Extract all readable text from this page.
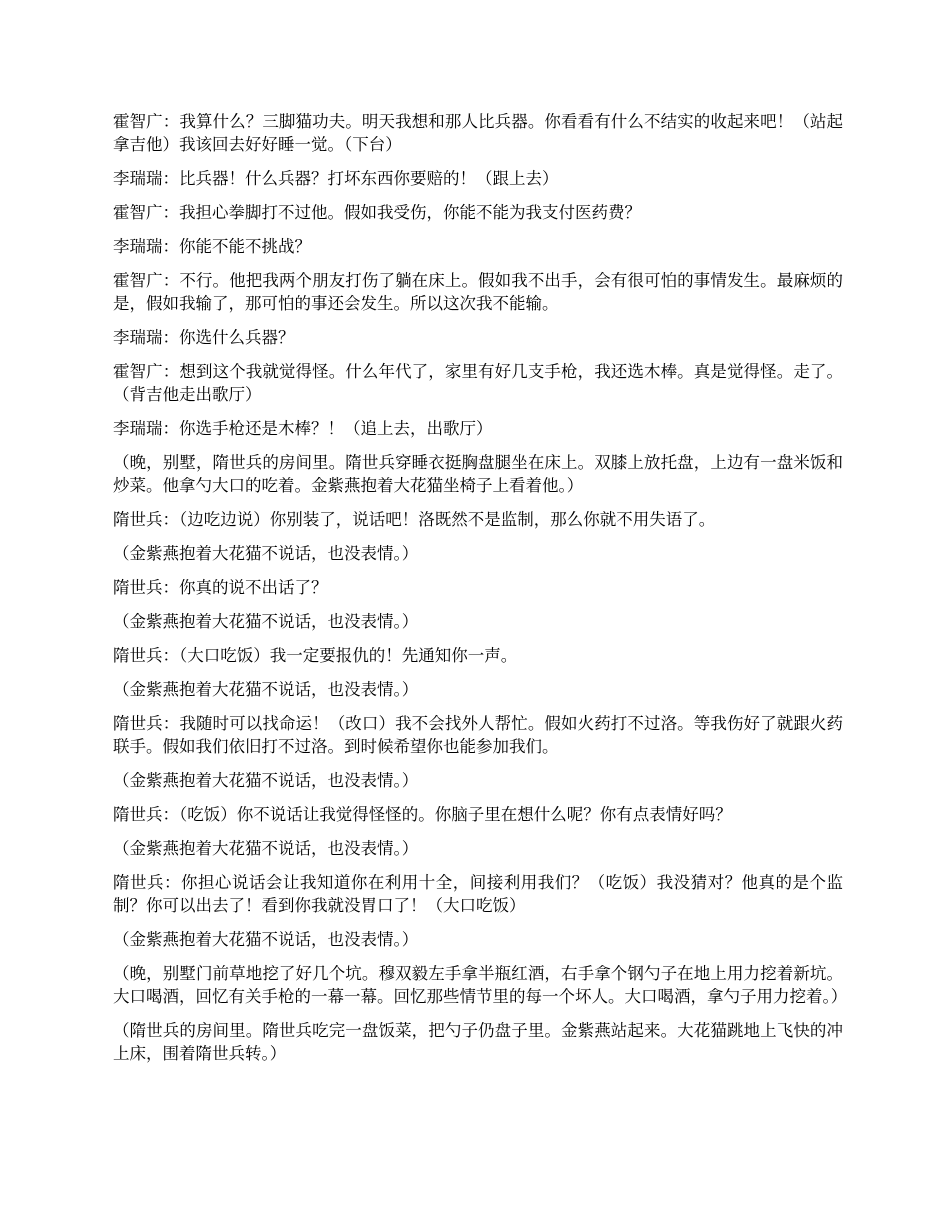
霍智广：我算什么？三脚猫功夫。明天我想和那人比兵器。你看看有什么不结实的收起来吧！（站起拿吉他）我该回去好好睡一觉。（下台）

李瑞瑞：比兵器！什么兵器？打坏东西你要赔的！（跟上去）

霍智广：我担心拳脚打不过他。假如我受伤，你能不能为我支付医药费？

李瑞瑞：你能不能不挑战？

霍智广：不行。他把我两个朋友打伤了躺在床上。假如我不出手，会有很可怕的事情发生。最麻烦的是，假如我输了，那可怕的事还会发生。所以这次我不能输。

李瑞瑞：你选什么兵器？

霍智广：想到这个我就觉得怪。什么年代了，家里有好几支手枪，我还选木棒。真是觉得怪。走了。（背吉他走出歌厅）

李瑞瑞：你选手枪还是木棒？！（追上去，出歌厅）

（晚，别墅，隋世兵的房间里。隋世兵穿睡衣挺胸盘腿坐在床上。双膝上放托盘，上边有一盘米饭和炒菜。他拿勺大口的吃着。金紫燕抱着大花猫坐椅子上看着他。）

隋世兵：（边吃边说）你别装了，说话吧！洛既然不是监制，那么你就不用失语了。

（金紫燕抱着大花猫不说话，也没表情。）

隋世兵：你真的说不出话了？

（金紫燕抱着大花猫不说话，也没表情。）

隋世兵：（大口吃饭）我一定要报仇的！先通知你一声。

（金紫燕抱着大花猫不说话，也没表情。）

隋世兵：我随时可以找命运！（改口）我不会找外人帮忙。假如火药打不过洛。等我伤好了就跟火药联手。假如我们依旧打不过洛。到时候希望你也能参加我们。

（金紫燕抱着大花猫不说话，也没表情。）

隋世兵：（吃饭）你不说话让我觉得怪怪的。你脑子里在想什么呢？你有点表情好吗？

（金紫燕抱着大花猫不说话，也没表情。）

隋世兵：你担心说话会让我知道你在利用十全，间接利用我们？（吃饭）我没猜对？他真的是个监制？你可以出去了！看到你我就没胃口了！（大口吃饭）

（金紫燕抱着大花猫不说话，也没表情。）

（晚，别墅门前草地挖了好几个坑。穆双毅左手拿半瓶红酒，右手拿个钢勺子在地上用力挖着新坑。大口喝酒，回忆有关手枪的一幕一幕。回忆那些情节里的每一个坏人。大口喝酒，拿勺子用力挖着。）

（隋世兵的房间里。隋世兵吃完一盘饭菜，把勺子仍盘子里。金紫燕站起来。大花猫跳地上飞快的冲上床，围着隋世兵转。）
